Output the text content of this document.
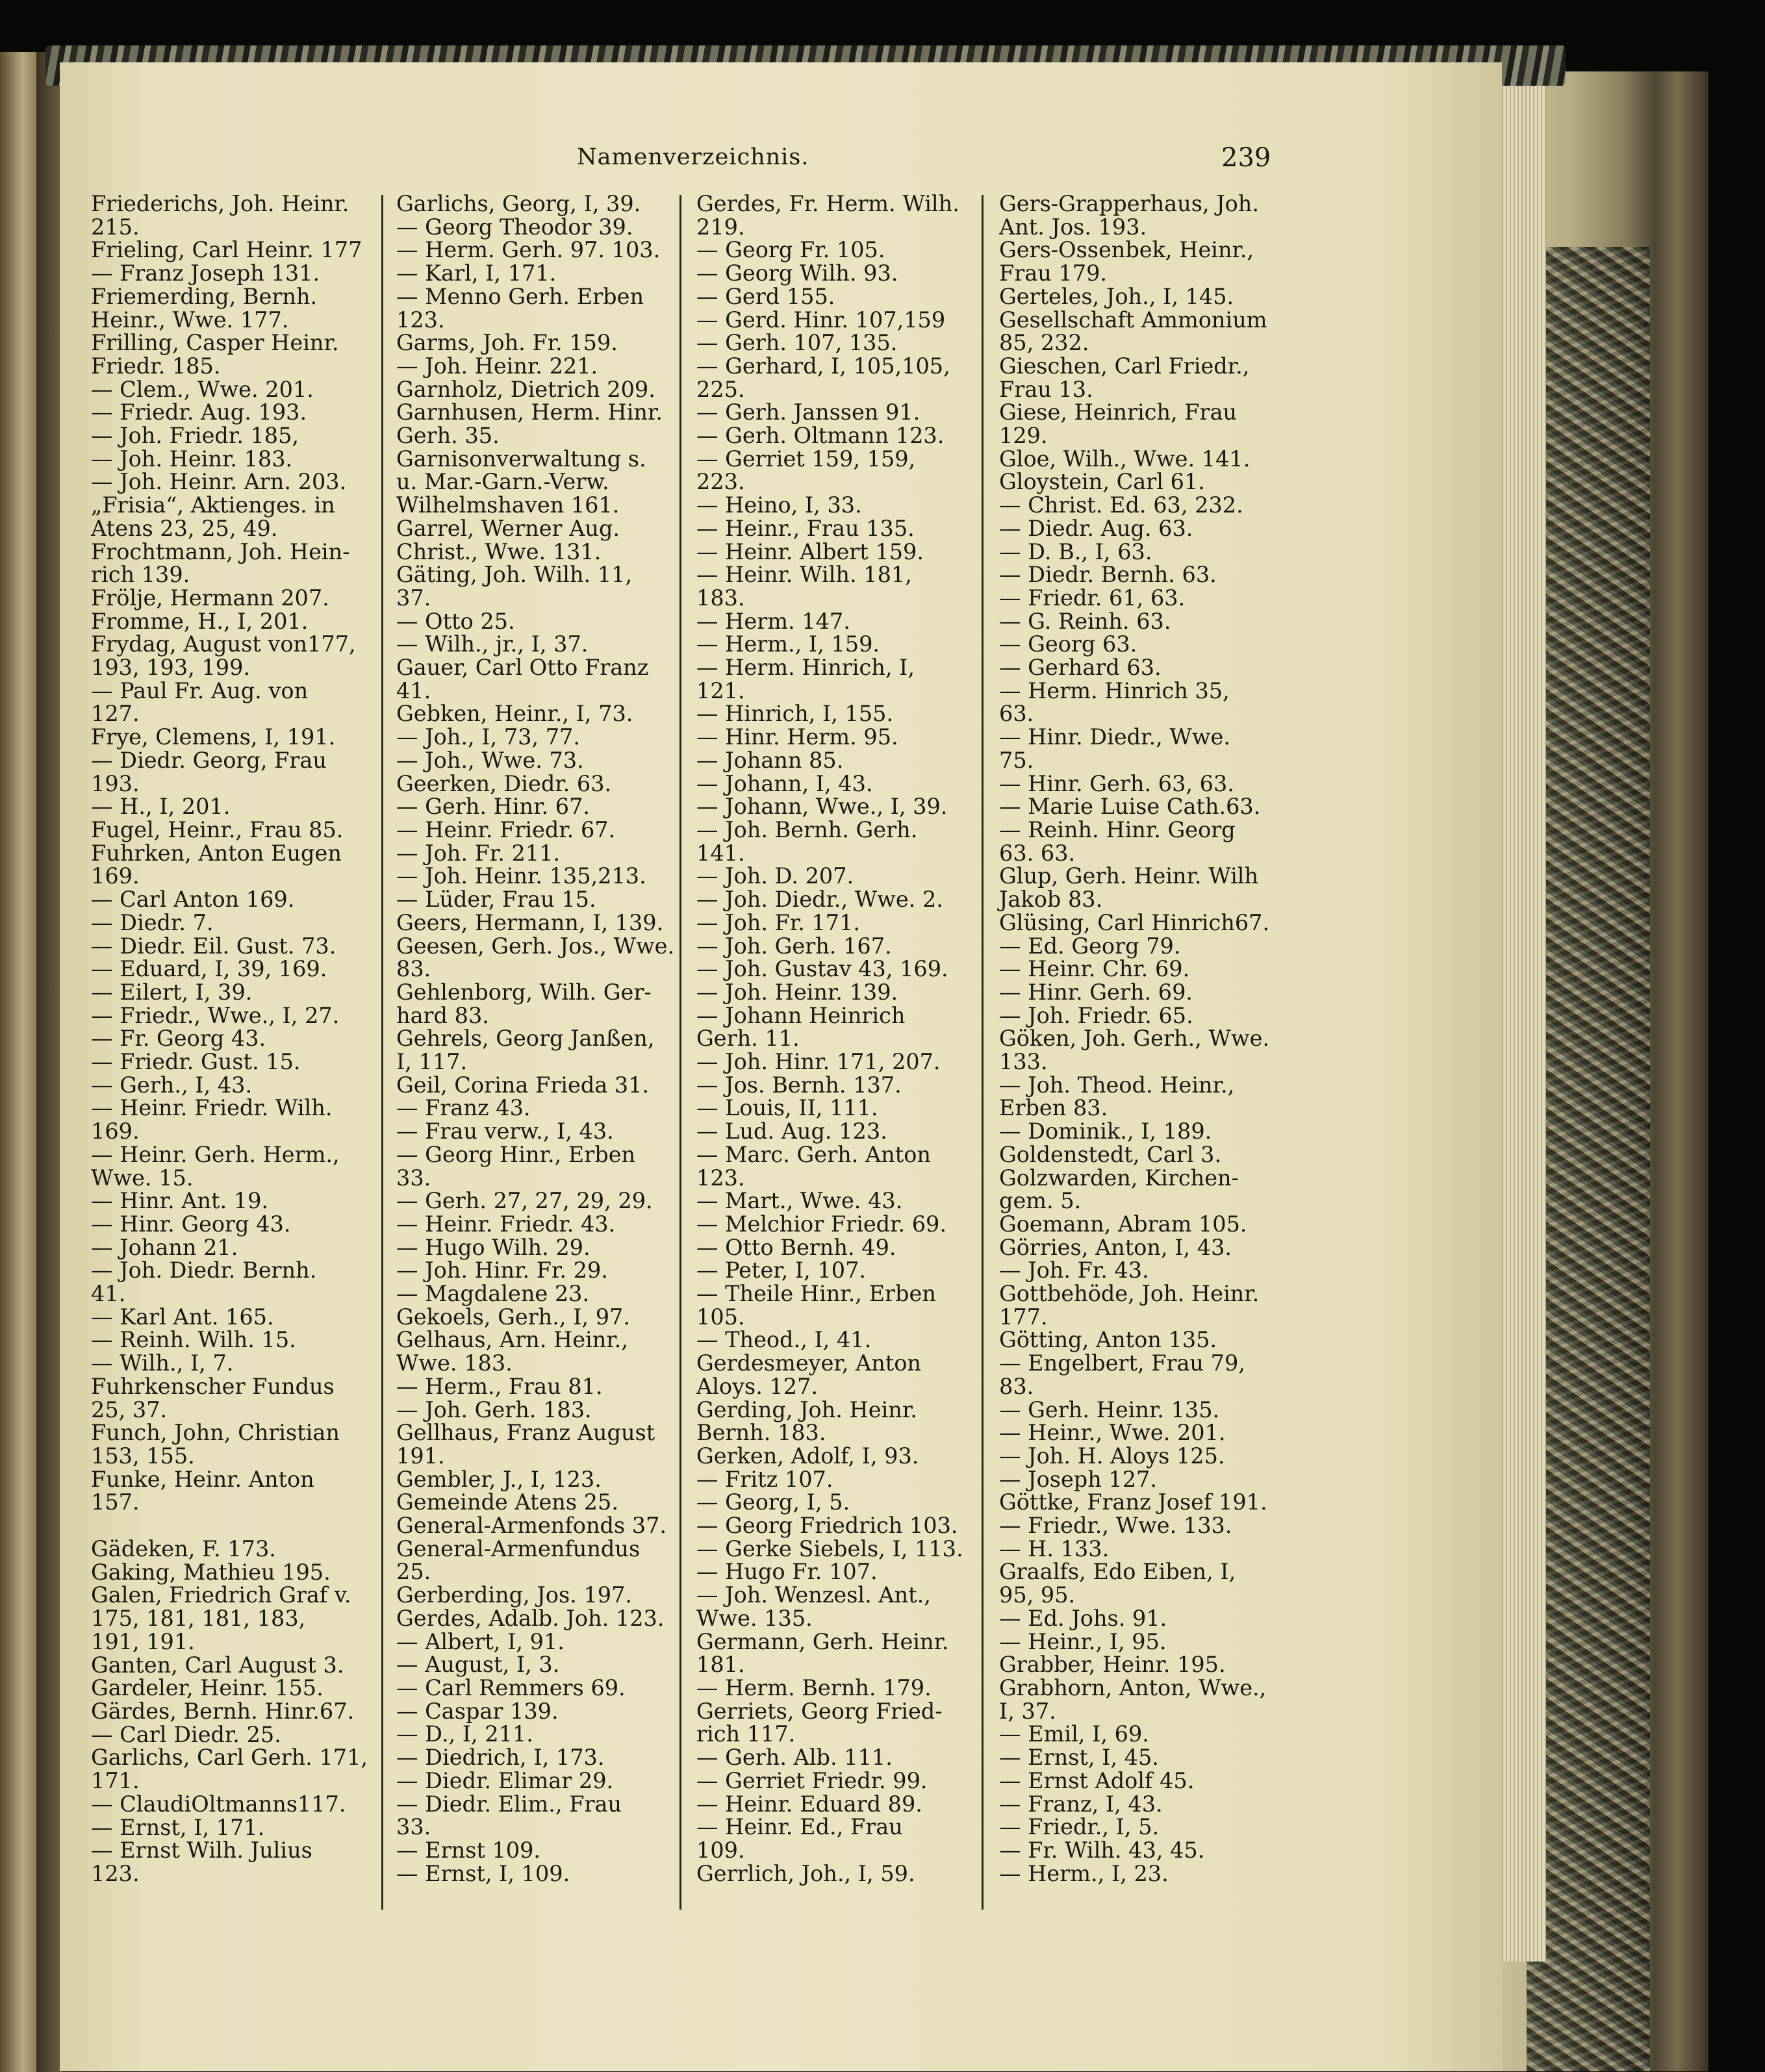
Namenverzeichnis.	239
Friederichs, Joh. Heinr.
215.
Frieling, Carl Heinr. 177
— Franz Joseph 131.
Friemerding, Bernh.
Heinr., Wwe. 177.
Frilling, Casper Heinr.
Friedr. 185.
— Clem., Wwe. 201.
— Friedr. Aug. 193.
— Joh. Friedr. 185,
— Joh. Heinr. 183.
— Joh. Heinr. Arn. 203.
„Frisia“, Aktienges. in
Atens 23, 25, 49.
Frochtmann, Joh. Hein-
rich 139.
Frölje, Hermann 207.
Fromme, H., I, 201.
Frydag, August von177,
193, 193, 199.
— Paul Fr. Aug. von
127.
Frye, Clemens, I, 191.
— Diedr. Georg, Frau
193.
— H., I, 201.
Fugel, Heinr., Frau 85.
Fuhrken, Anton Eugen
169.
— Carl Anton 169.
— Diedr. 7.
— Diedr. Eil. Gust. 73.
— Eduard, I, 39, 169.
— Eilert, I, 39.
— Friedr., Wwe., I, 27.
— Fr. Georg 43.
— Friedr. Gust. 15.
— Gerh., I, 43.
— Heinr. Friedr. Wilh.
169.
— Heinr. Gerh. Herm.,
Wwe. 15.
— Hinr. Ant. 19.
— Hinr. Georg 43.
— Johann 21.
— Joh. Diedr. Bernh.
41.
— Karl Ant. 165.
— Reinh. Wilh. 15.
— Wilh., I, 7.
Fuhrkenscher Fundus
25, 37.
Funch, John, Christian
153, 155.
Funke, Heinr. Anton
157.
Gädeken, F. 173.
Gaking, Mathieu 195.
Galen, Friedrich Graf v.
175, 181, 181, 183,
191, 191.
Ganten, Carl August 3.
Gardeler, Heinr. 155.
Gärdes, Bernh. Hinr.67.
— Carl Diedr. 25.
Garlichs, Carl Gerh. 171,
171.
— ClaudiOltmanns117.
— Ernst, I, 171.
— Ernst Wilh. Julius
123.
Garlichs, Georg, I, 39.
— Georg Theodor 39.
— Herm. Gerh. 97. 103.
— Karl, I, 171.
— Menno Gerh. Erben
123.
Garms, Joh. Fr. 159.
— Joh. Heinr. 221.
Garnholz, Dietrich 209.
Garnhusen, Herm. Hinr.
Gerh. 35.
Garnisonverwaltung s.
u. Mar.-Garn.-Verw.
Wilhelmshaven 161.
Garrel, Werner Aug.
Christ., Wwe. 131.
Gäting, Joh. Wilh. 11,
37.
— Otto 25.
— Wilh., jr., I, 37.
Gauer, Carl Otto Franz
41.
Gebken, Heinr., I, 73.
— Joh., I, 73, 77.
— Joh., Wwe. 73.
Geerken, Diedr. 63.
— Gerh. Hinr. 67.
— Heinr. Friedr. 67.
— Joh. Fr. 211.
— Joh. Heinr. 135,213.
— Lüder, Frau 15.
Geers, Hermann, I, 139.
Geesen, Gerh. Jos., Wwe.
83.
Gehlenborg, Wilh. Ger-
hard 83.
Gehrels, Georg Janßen,
I, 117.
Geil, Corina Frieda 31.
— Franz 43.
— Frau verw., I, 43.
— Georg Hinr., Erben
33.
— Gerh. 27, 27, 29, 29.
— Heinr. Friedr. 43.
— Hugo Wilh. 29.
— Joh. Hinr. Fr. 29.
— Magdalene 23.
Gekoels, Gerh., I, 97.
Gelhaus, Arn. Heinr.,
Wwe. 183.
— Herm., Frau 81.
— Joh. Gerh. 183.
Gellhaus, Franz August
191.
Gembler, J., I, 123.
Gemeinde Atens 25.
General-Armenfonds 37.
General-Armenfundus
25.
Gerberding, Jos. 197.
Gerdes, Adalb. Joh. 123.
— Albert, I, 91.
— August, I, 3.
— Carl Remmers 69.
— Caspar 139.
— D., I, 211.
— Diedrich, I, 173.
— Diedr. Elimar 29.
— Diedr. Elim., Frau
33.
— Ernst 109.
— Ernst, I, 109.
Gerdes, Fr. Herm. Wilh.
219.
— Georg Fr. 105.
— Georg Wilh. 93.
— Gerd 155.
— Gerd. Hinr. 107,159
— Gerh. 107, 135.
— Gerhard, I, 105,105,
225.
— Gerh. Janssen 91.
— Gerh. Oltmann 123.
— Gerriet 159, 159,
223.
— Heino, I, 33.
— Heinr., Frau 135.
— Heinr. Albert 159.
— Heinr. Wilh. 181,
183.
— Herm. 147.
— Herm., I, 159.
— Herm. Hinrich, I,
121.
— Hinrich, I, 155.
— Hinr. Herm. 95.
— Johann 85.
— Johann, I, 43.
— Johann, Wwe., I, 39.
— Joh. Bernh. Gerh.
141.
— Joh. D. 207.
— Joh. Diedr., Wwe. 2.
— Joh. Fr. 171.
— Joh. Gerh. 167.
— Joh. Gustav 43, 169.
— Joh. Heinr. 139.
— Johann Heinrich
Gerh. 11.
— Joh. Hinr. 171, 207.
— Jos. Bernh. 137.
— Louis, II, 111.
— Lud. Aug. 123.
— Marc. Gerh. Anton
123.
— Mart., Wwe. 43.
— Melchior Friedr. 69.
— Otto Bernh. 49.
— Peter, I, 107.
— Theile Hinr., Erben
105.
— Theod., I, 41.
Gerdesmeyer, Anton
Aloys. 127.
Gerding, Joh. Heinr.
Bernh. 183.
Gerken, Adolf, I, 93.
— Fritz 107.
— Georg, I, 5.
— Georg Friedrich 103.
— Gerke Siebels, I, 113.
— Hugo Fr. 107.
— Joh. Wenzesl. Ant.,
Wwe. 135.
Germann, Gerh. Heinr.
181.
— Herm. Bernh. 179.
Gerriets, Georg Fried-
rich 117.
— Gerh. Alb. 111.
— Gerriet Friedr. 99.
— Heinr. Eduard 89.
— Heinr. Ed., Frau
109.
Gerrlich, Joh., I, 59.
Gers-Grapperhaus, Joh.
Ant. Jos. 193.
Gers-Ossenbek, Heinr.,
Frau 179.
Gerteles, Joh., I, 145.
Gesellschaft Ammonium
85, 232.
Gieschen, Carl Friedr.,
Frau 13.
Giese, Heinrich, Frau
129.
Gloe, Wilh., Wwe. 141.
Gloystein, Carl 61.
— Christ. Ed. 63, 232.
— Diedr. Aug. 63.
— D. B., I, 63.
— Diedr. Bernh. 63.
— Friedr. 61, 63.
— G. Reinh. 63.
— Georg 63.
— Gerhard 63.
— Herm. Hinrich 35,
63.
— Hinr. Diedr., Wwe.
75.
— Hinr. Gerh. 63, 63.
— Marie Luise Cath.63.
— Reinh. Hinr. Georg
63. 63.
Glup, Gerh. Heinr. Wilh
Jakob 83.
Glüsing, Carl Hinrich67.
— Ed. Georg 79.
— Heinr. Chr. 69.
— Hinr. Gerh. 69.
— Joh. Friedr. 65.
Göken, Joh. Gerh., Wwe.
133.
— Joh. Theod. Heinr.,
Erben 83.
— Dominik., I, 189.
Goldenstedt, Carl 3.
Golzwarden, Kirchen-
gem. 5.
Goemann, Abram 105.
Görries, Anton, I, 43.
— Joh. Fr. 43.
Gottbehöde, Joh. Heinr.
177.
Götting, Anton 135.
— Engelbert, Frau 79,
83.
— Gerh. Heinr. 135.
— Heinr., Wwe. 201.
— Joh. H. Aloys 125.
— Joseph 127.
Göttke, Franz Josef 191.
— Friedr., Wwe. 133.
— H. 133.
Graalfs, Edo Eiben, I,
95, 95.
— Ed. Johs. 91.
— Heinr., I, 95.
Grabber, Heinr. 195.
Grabhorn, Anton, Wwe.,
I, 37.
— Emil, I, 69.
— Ernst, I, 45.
— Ernst Adolf 45.
— Franz, I, 43.
— Friedr., I, 5.
— Fr. Wilh. 43, 45.
— Herm., I, 23.
